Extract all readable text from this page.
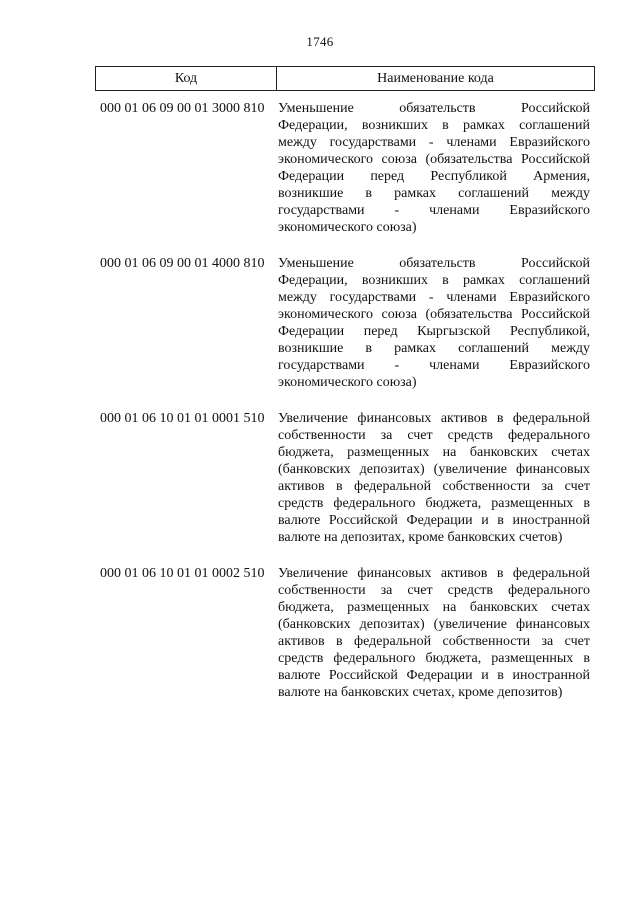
1746
Код	Наименование кода
000 01 06 09 00 01 3000 810 Уменьшение обязательств Российской
Федерации, возникших в рамках соглашений
между государствами - членами Евразийского
экономического союза (обязательства Российской
Федерации перед Республикой Армения,
возникшие в рамках соглашений между
государствами - членами Евразийского
экономического союза)
000 01 06 09 00 01 4000 810 Уменьшение обязательств Российской
Федерации, возникших в рамках соглашений
между государствами - членами Евразийского
экономического союза (обязательства Российской
Федерации перед Кыргызской Республикой,
возникшие в рамках соглашений между
государствами - членами Евразийского
экономического союза)
000 01 06 10 01 01 0001 510 Увеличение финансовых активов в федеральной
собственности за счет средств федерального
бюджета, размещенных на банковских счетах
(банковских депозитах) (увеличение финансовых
активов в федеральной собственности за счет
средств федерального бюджета, размещенных в
валюте Российской Федерации и в иностранной
валюте на депозитах, кроме банковских счетов)
000 01 06 10 01 01 0002 510 Увеличение финансовых активов в федеральной
собственности за счет средств федерального
бюджета, размещенных на банковских счетах
(банковских депозитах) (увеличение финансовых
активов в федеральной собственности за счет
средств федерального бюджета, размещенных в
валюте Российской Федерации и в иностранной
валюте на банковских счетах, кроме депозитов)
